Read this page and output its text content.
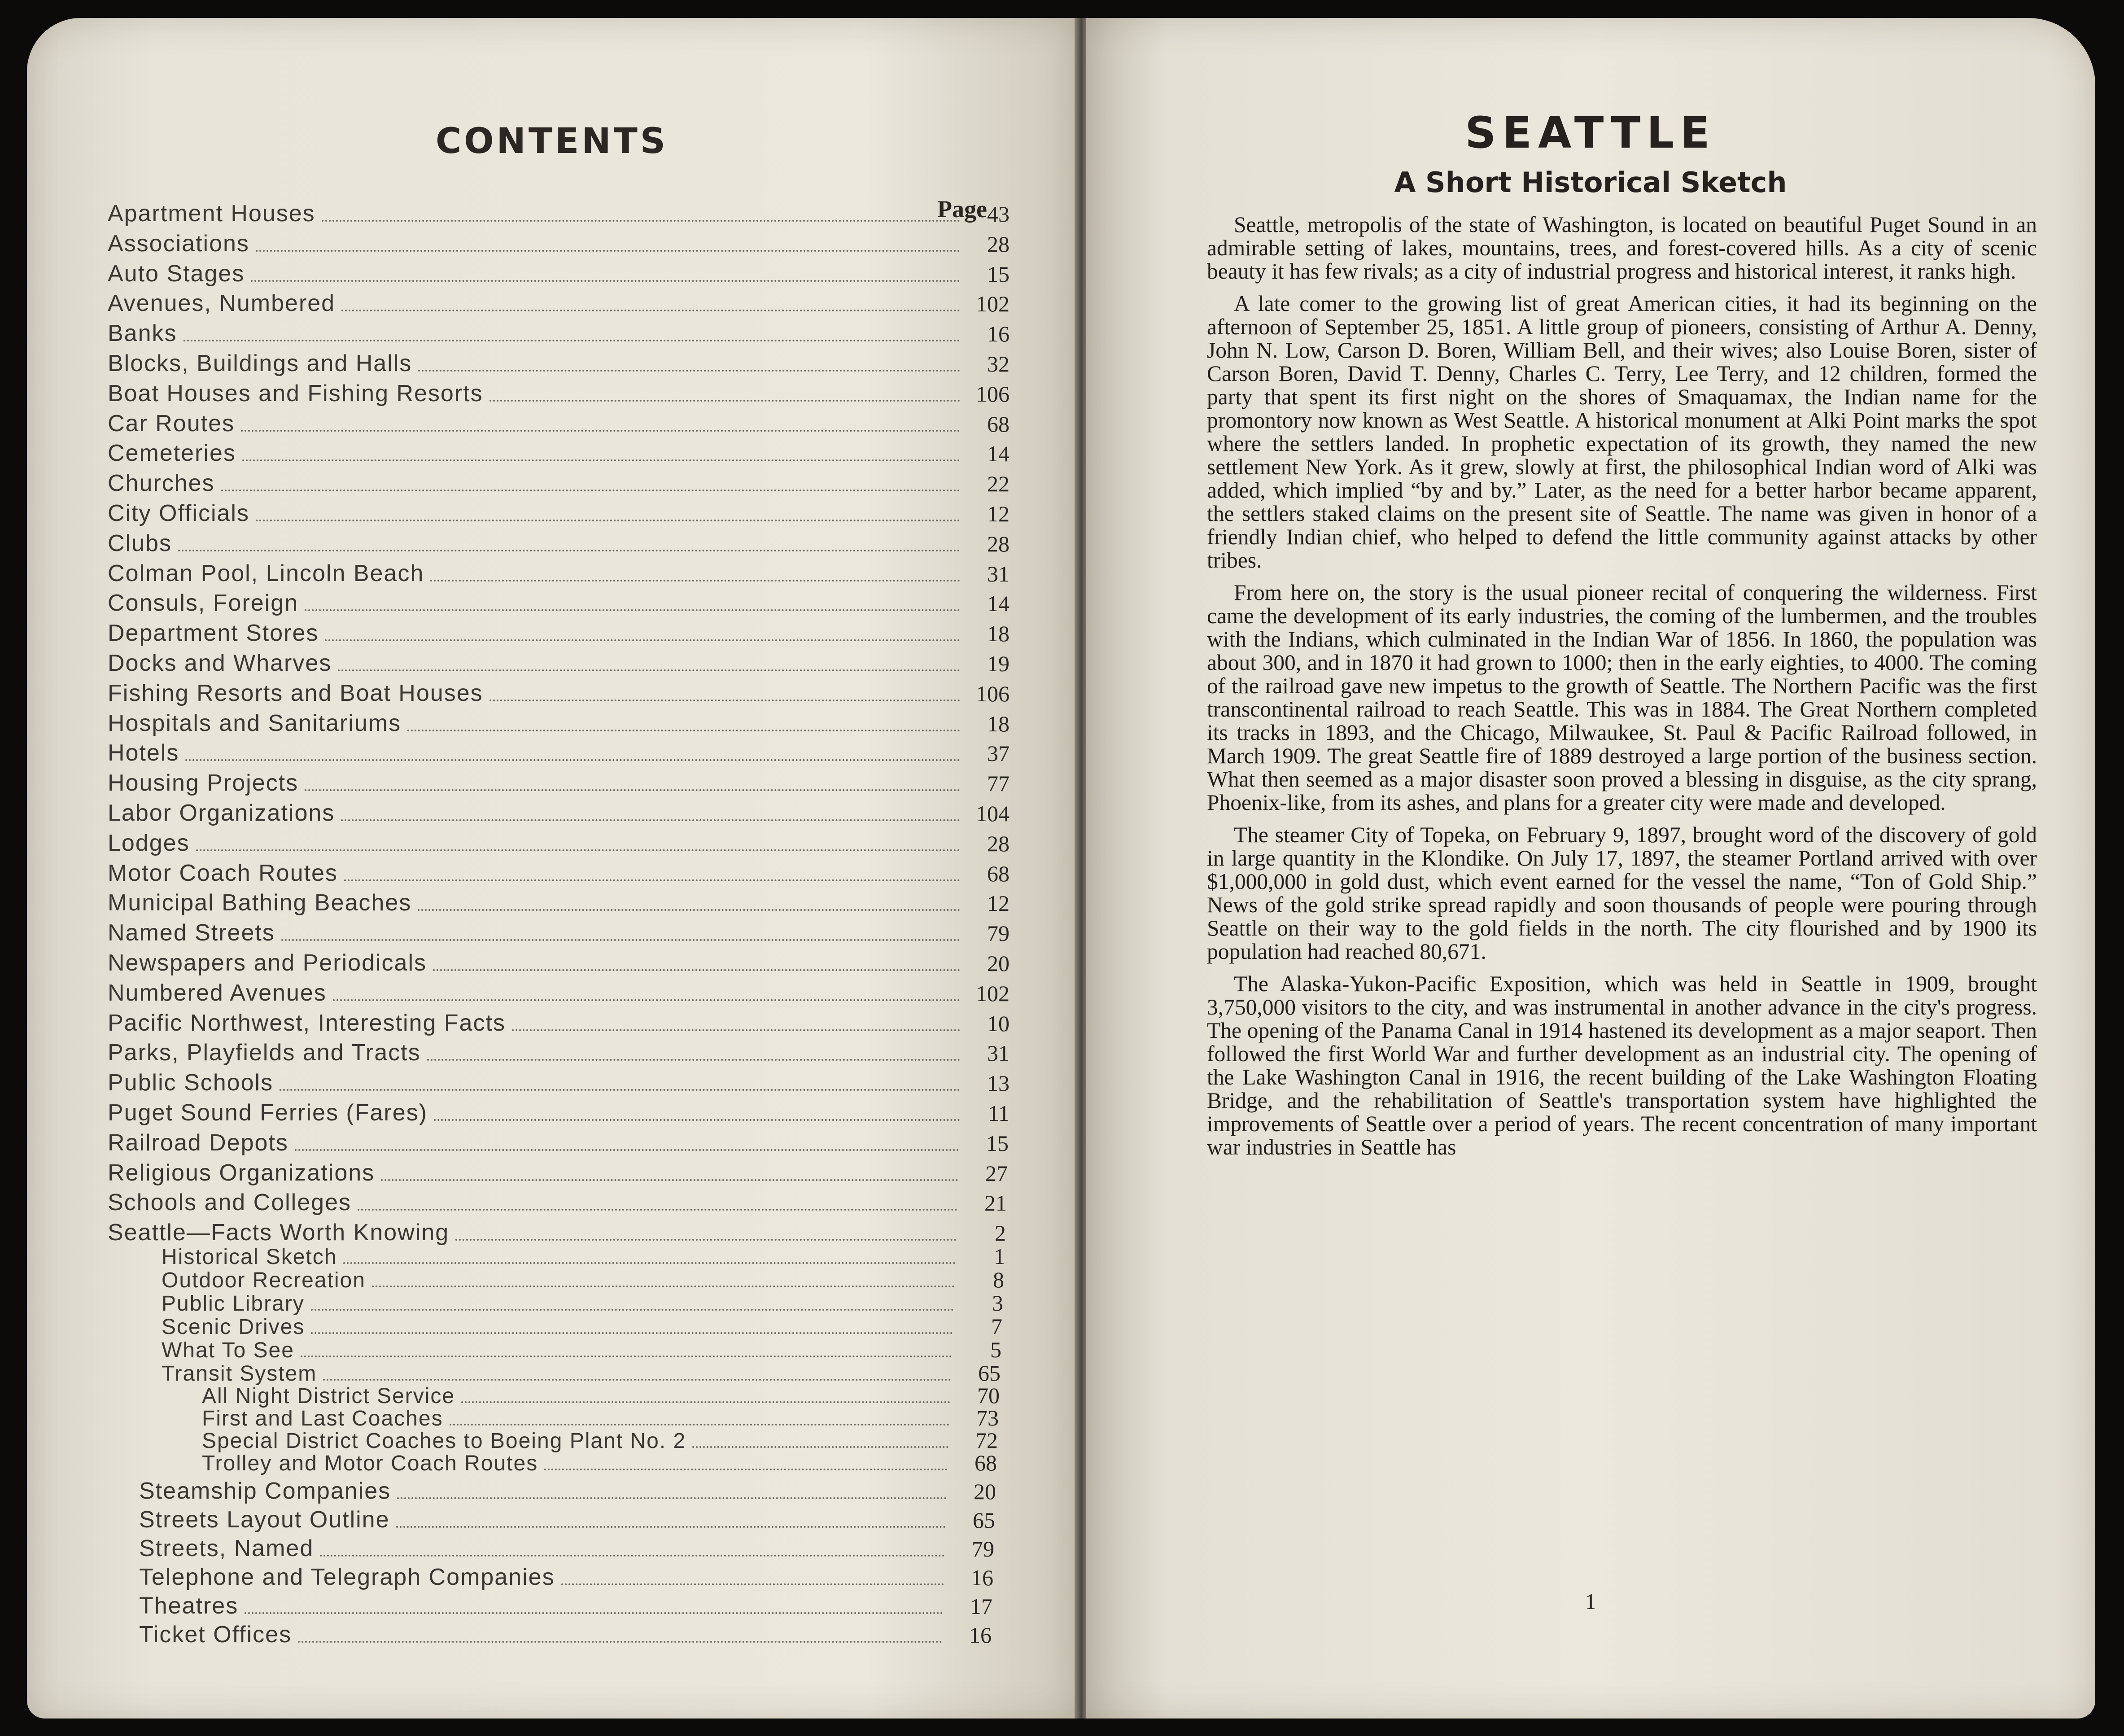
CONTENTS
Page
Apartment Houses	43
Associations	28
Auto Stages	15
Avenues, Numbered	102
Banks	16
Blocks, Buildings and Halls	32
Boat Houses and Fishing Resorts	106
Car Routes	68
Cemeteries	14
Churches	22
City Officials	12
Clubs	28
Colman Pool, Lincoln Beach	31
Consuls, Foreign	14
Department Stores	18
Docks and Wharves	19
Fishing Resorts and Boat Houses	106
Hospitals and Sanitariums	18
Hotels	37
Housing Projects	77
Labor Organizations	104
Lodges	28
Motor Coach Routes	68
Municipal Bathing Beaches	12
Named Streets	79
Newspapers and Periodicals	20
Numbered Avenues	102
Pacific Northwest, Interesting Facts	10
Parks, Playfields and Tracts	31
Public Schools	13
Puget Sound Ferries (Fares)	11
Railroad Depots	15
Religious Organizations	27
Schools and Colleges	21
Seattle—Facts Worth Knowing	2
Historical Sketch	1
Outdoor Recreation	8
Public Library	3
Scenic Drives	7
What To See	5
Transit System	65
All Night District Service	70
First and Last Coaches	73
Special District Coaches to Boeing Plant No. 2	72
Trolley and Motor Coach Routes	68
Steamship Companies	20
Streets Layout Outline	65
Streets, Named	79
Telephone and Telegraph Companies	16
Theatres	17
Ticket Offices	16
SEATTLE
A Short Historical Sketch

Seattle, metropolis of the state of Washington, is located on beautiful Puget Sound in an admirable setting of lakes, mountains, trees, and forest-covered hills. As a city of scenic beauty it has few rivals; as a city of industrial progress and historical interest, it ranks high.

A late comer to the growing list of great American cities, it had its beginning on the afternoon of September 25, 1851. A little group of pioneers, consisting of Arthur A. Denny, John N. Low, Carson D. Boren, William Bell, and their wives; also Louise Boren, sister of Carson Boren, David T. Denny, Charles C. Terry, Lee Terry, and 12 children, formed the party that spent its first night on the shores of Smaquamax, the Indian name for the promontory now known as West Seattle. A historical monument at Alki Point marks the spot where the settlers landed. In prophetic expectation of its growth, they named the new settlement New York. As it grew, slowly at first, the philosophical Indian word of Alki was added, which implied “by and by.” Later, as the need for a better harbor became apparent, the settlers staked claims on the present site of Seattle. The name was given in honor of a friendly Indian chief, who helped to defend the little community against attacks by other tribes.

From here on, the story is the usual pioneer recital of conquering the wilderness. First came the development of its early industries, the coming of the lumbermen, and the troubles with the Indians, which culminated in the Indian War of 1856. In 1860, the population was about 300, and in 1870 it had grown to 1000; then in the early eighties, to 4000. The coming of the railroad gave new impetus to the growth of Seattle. The Northern Pacific was the first transcontinental railroad to reach Seattle. This was in 1884. The Great Northern completed its tracks in 1893, and the Chicago, Milwaukee, St. Paul & Pacific Railroad followed, in March 1909. The great Seattle fire of 1889 destroyed a large portion of the business section. What then seemed as a major disaster soon proved a blessing in disguise, as the city sprang, Phoenix-like, from its ashes, and plans for a greater city were made and developed.

The steamer City of Topeka, on February 9, 1897, brought word of the discovery of gold in large quantity in the Klondike. On July 17, 1897, the steamer Portland arrived with over $1,000,000 in gold dust, which event earned for the vessel the name, “Ton of Gold Ship.” News of the gold strike spread rapidly and soon thousands of people were pouring through Seattle on their way to the gold fields in the north. The city flourished and by 1900 its population had reached 80,671.

The Alaska-Yukon-Pacific Exposition, which was held in Seattle in 1909, brought 3,750,000 visitors to the city, and was instrumental in another advance in the city's progress. The opening of the Panama Canal in 1914 hastened its development as a major seaport. Then followed the first World War and further development as an industrial city. The opening of the Lake Washington Canal in 1916, the recent building of the Lake Washington Floating Bridge, and the rehabilitation of Seattle's transportation system have highlighted the improvements of Seattle over a period of years. The recent concentration of many important war industries in Seattle has

1
